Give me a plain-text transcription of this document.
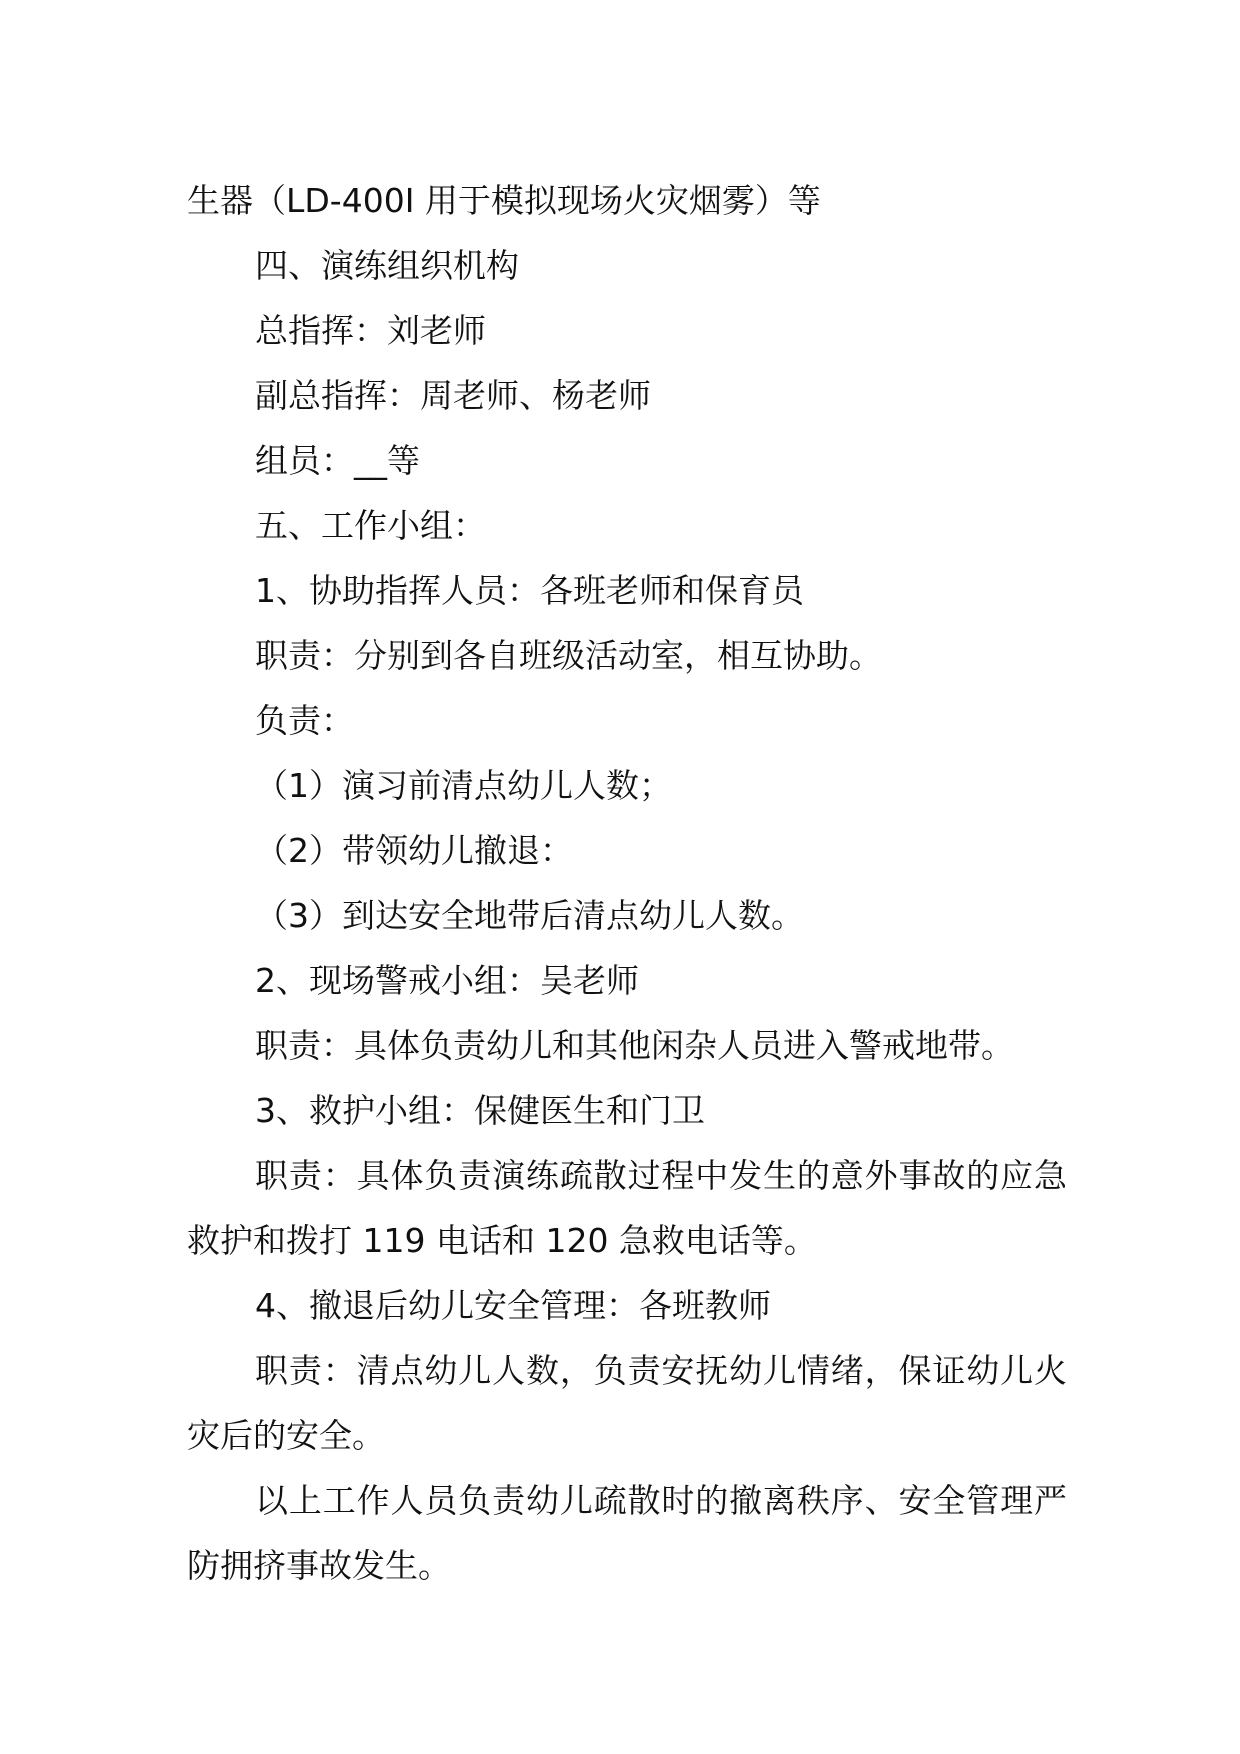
生器（LD-400I 用于模拟现场火灾烟雾）等
四、演练组织机构
总指挥：刘老师
副总指挥：周老师、杨老师
组员：__等
五、工作小组：
1、协助指挥人员：各班老师和保育员
职责：分别到各自班级活动室，相互协助。
负责：
（1）演习前清点幼儿人数；
（2）带领幼儿撤退：
（3）到达安全地带后清点幼儿人数。
2、现场警戒小组：吴老师
职责：具体负责幼儿和其他闲杂人员进入警戒地带。
3、救护小组：保健医生和门卫
职责：具体负责演练疏散过程中发生的意外事故的应急救护和拨打 119 电话和 120 急救电话等。
4、撤退后幼儿安全管理：各班教师
职责：清点幼儿人数，负责安抚幼儿情绪，保证幼儿火灾后的安全。
以上工作人员负责幼儿疏散时的撤离秩序、安全管理严防拥挤事故发生。
